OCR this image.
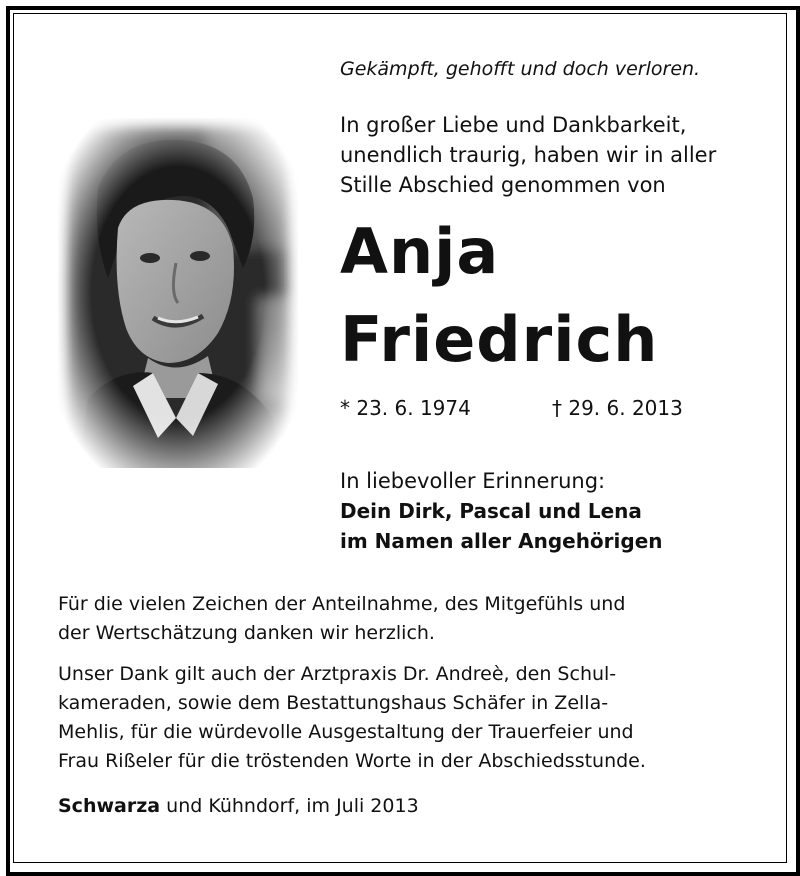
Gekämpft, gehofft und doch verloren.
In großer Liebe und Dankbarkeit,
unendlich traurig, haben wir in aller
Stille Abschied genommen von
Anja
Friedrich
* 23. 6. 1974	† 29. 6. 2013
In liebevoller Erinnerung:
Dein Dirk, Pascal und Lena
im Namen aller Angehörigen
Für die vielen Zeichen der Anteilnahme, des Mitgefühls und
der Wertschätzung danken wir herzlich.
Unser Dank gilt auch der Arztpraxis Dr. Andreè, den Schul-
kameraden, sowie dem Bestattungshaus Schäfer in Zella-
Mehlis, für die würdevolle Ausgestaltung der Trauerfeier und
Frau Rißeler für die tröstenden Worte in der Abschiedsstunde.
Schwarza und Kühndorf, im Juli 2013
